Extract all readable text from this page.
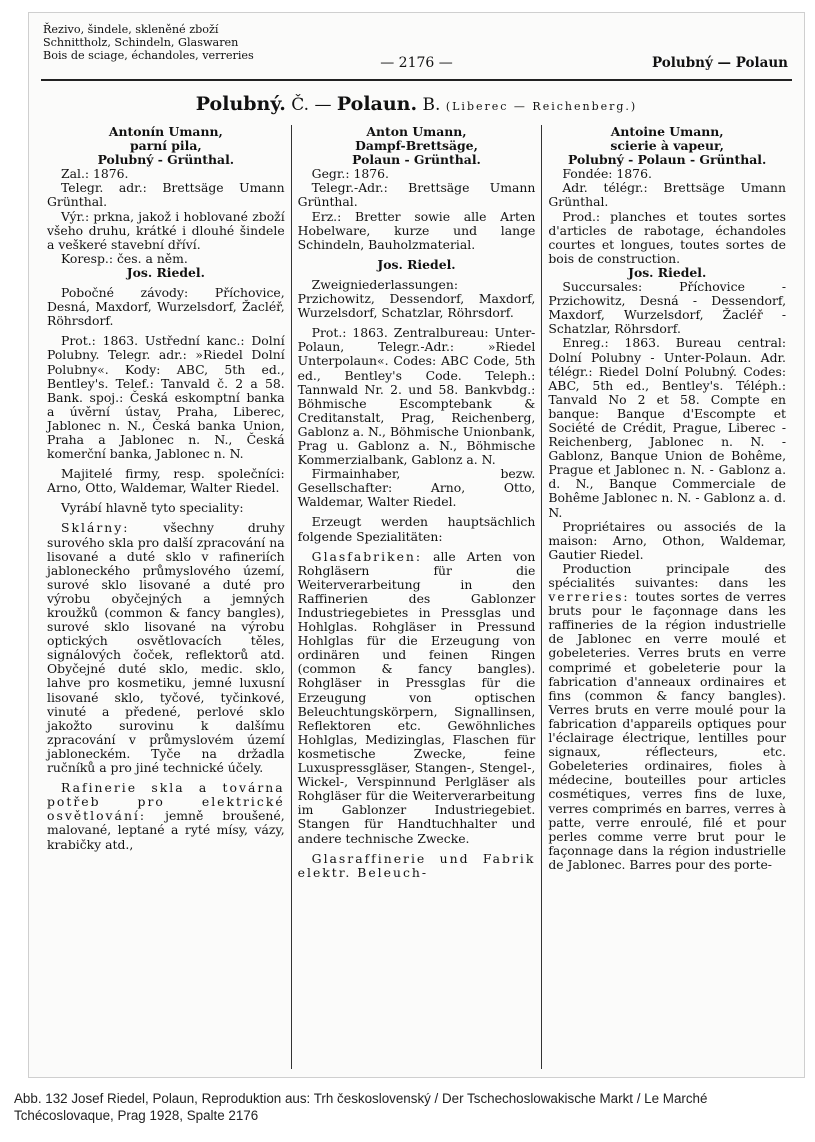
Řezivo, šindele, skleněné zboží
Schnittholz, Schindeln, Glaswaren
Bois de sciage, échandoles, verreries	— 2176 —	Polubný — Polaun
Polubný. Č. — Polaun. B. (Liberec — Reichenberg.)

Antonín Umann,

parní pila,

Polubný - Grünthal.

Zal.: 1876.

Telegr. adr.: Brettsäge Umann Grünthal.

Výr.: prkna, jakož i hoblované zboží všeho druhu, krátké i dlouhé šindele a veškeré stavební dříví.

Koresp.: čes. a něm.

Jos. Riedel.

Pobočné závody: Příchovice, Desná, Maxdorf, Wurzelsdorf, Žacléř, Röhrsdorf.

Prot.: 1863. Ustřední kanc.: Dolní Polubny. Telegr. adr.: »Riedel Dolní Polubny«. Kody: ABC, 5th ed., Bentley's. Telef.: Tanvald č. 2 a 58. Bank. spoj.: Česká eskomptní banka a úvěrní ústav, Praha, Liberec, Jablonec n. N., Česká banka Union, Praha a Jablonec n. N., Česká komerční banka, Jablonec n. N.

Majitelé firmy, resp. společníci: Arno, Otto, Waldemar, Walter Riedel.

Vyrábí hlavně tyto speciality:

Sklárny: všechny druhy surového skla pro další zpracování na lisované a duté sklo v rafineriích jabloneckého průmyslového území, surové sklo lisované a duté pro výrobu obyčejných a jemných kroužků (common & fancy bangles), surové sklo lisované na výrobu optických osvětlovacích těles, signálových čoček, reflektorů atd. Obyčejné duté sklo, medic. sklo, lahve pro kosmetiku, jemné luxusní lisované sklo, tyčové, tyčinkové, vinuté a předené, perlové sklo jakožto surovinu k dalšímu zpracování v průmyslovém území jabloneckém. Tyče na držadla ručníků a pro jiné technické účely.

Rafinerie skla a továrna potřeb pro elektrické osvětlování: jemně broušené, malované, leptané a ryté mísy, vázy, krabičky atd.,

Anton Umann,

Dampf-Brettsäge,

Polaun - Grünthal.

Gegr.: 1876.

Telegr.-Adr.: Brettsäge Umann Grünthal.

Erz.: Bretter sowie alle Arten Hobelware, kurze und lange Schindeln, Bauholzmaterial.

Jos. Riedel.

Zweigniederlassungen: Przichowitz, Dessendorf, Maxdorf, Wurzelsdorf, Schatzlar, Röhrsdorf.

Prot.: 1863. Zentralbureau: Unter-Polaun, Telegr.-Adr.: »Riedel Unterpolaun«. Codes: ABC Code, 5th ed., Bentley's Code. Teleph.: Tannwald Nr. 2. und 58. Bankvbdg.: Böhmische Escomptebank & Creditanstalt, Prag, Reichenberg, Gablonz a. N., Böhmische Unionbank, Prag u. Gablonz a. N., Böhmische Kommerzialbank, Gablonz a. N.

Firmainhaber, bezw. Gesellschafter: Arno, Otto, Waldemar, Walter Riedel.

Erzeugt werden hauptsächlich folgende Spezialitäten:

Glasfabriken: alle Arten von Rohgläsern für die Weiterverarbeitung in den Raffinerien des Gablonzer Industriegebietes in Pressglas und Hohlglas. Rohgläser in Pressund Hohlglas für die Erzeugung von ordinären und feinen Ringen (common & fancy bangles). Rohgläser in Pressglas für die Erzeugung von optischen Beleuchtungskörpern, Signallinsen, Reflektoren etc. Gewöhnliches Hohlglas, Medizinglas, Flaschen für kosmetische Zwecke, feine Luxuspressgläser, Stangen-, Stengel-, Wickel-, Verspinnund Perlgläser als Rohgläser für die Weiterverarbeitung im Gablonzer Industriegebiet. Stangen für Handtuchhalter und andere technische Zwecke.

Glasraffinerie und Fabrik elektr. Beleuch-

Antoine Umann,

scierie à vapeur,

Polubný - Polaun - Grünthal.

Fondée: 1876.

Adr. télégr.: Brettsäge Umann Grünthal.

Prod.: planches et toutes sortes d'articles de rabotage, échandoles courtes et longues, toutes sortes de bois de construction.

Jos. Riedel.

Succursales: Příchovice - Przichowitz, Desná - Dessendorf, Maxdorf, Wurzelsdorf, Žacléř - Schatzlar, Röhrsdorf.

Enreg.: 1863. Bureau central: Dolní Polubny - Unter-Polaun. Adr. télégr.: Riedel Dolní Polubný. Codes: ABC, 5th ed., Bentley's. Téléph.: Tanvald No 2 et 58. Compte en banque: Banque d'Escompte et Société de Crédit, Prague, Liberec - Reichenberg, Jablonec n. N. - Gablonz, Banque Union de Bohême, Prague et Jablonec n. N. - Gablonz a. d. N., Banque Commerciale de Bohême Jablonec n. N. - Gablonz a. d. N.

Propriétaires ou associés de la maison: Arno, Othon, Waldemar, Gautier Riedel.

Production principale des spécialités suivantes: dans les verreries: toutes sortes de verres bruts pour le façonnage dans les raffineries de la région industrielle de Jablonec en verre moulé et gobeleteries. Verres bruts en verre comprimé et gobeleterie pour la fabrication d'anneaux ordinaires et fins (common & fancy bangles). Verres bruts en verre moulé pour la fabrication d'appareils optiques pour l'éclairage électrique, lentilles pour signaux, réflecteurs, etc. Gobeleteries ordinaires, fioles à médecine, bouteilles pour articles cosmétiques, verres fins de luxe, verres comprimés en barres, verres à patte, verre enroulé, filé et pour perles comme verre brut pour le façonnage dans la région industrielle de Jablonec. Barres pour des porte-

Abb. 132 Josef Riedel, Polaun, Reproduktion aus: Trh československý / Der Tschechoslowakische Markt / Le Marché Tchécoslovaque, Prag 1928, Spalte 2176
